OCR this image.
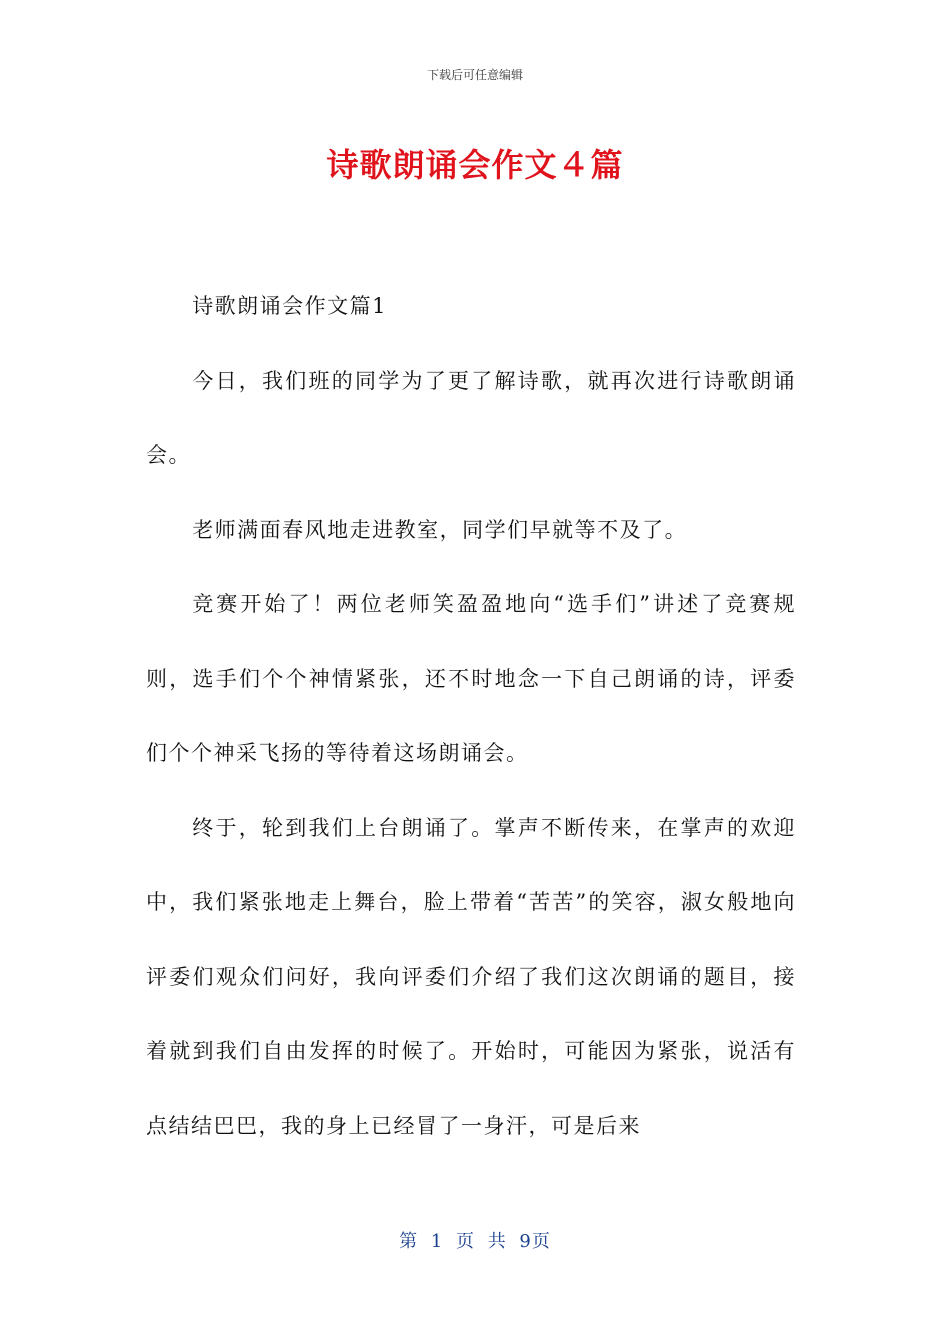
下载后可任意编辑
诗歌朗诵会作文４篇

诗歌朗诵会作文篇1

今日，我们班的同学为了更了解诗歌，就再次进行诗歌朗诵会。

老师满面春风地走进教室，同学们早就等不及了。

竞赛开始了！两位老师笑盈盈地向“选手们”讲述了竞赛规则，选手们个个神情紧张，还不时地念一下自己朗诵的诗，评委们个个神采飞扬的等待着这场朗诵会。

终于，轮到我们上台朗诵了。掌声不断传来，在掌声的欢迎中，我们紧张地走上舞台，脸上带着“苦苦”的笑容，淑女般地向评委们观众们问好，我向评委们介绍了我们这次朗诵的题目，接着就到我们自由发挥的时候了。开始时，可能因为紧张，说活有点结结巴巴，我的身上已经冒了一身汗，可是后来

第 1 页 共 9页
